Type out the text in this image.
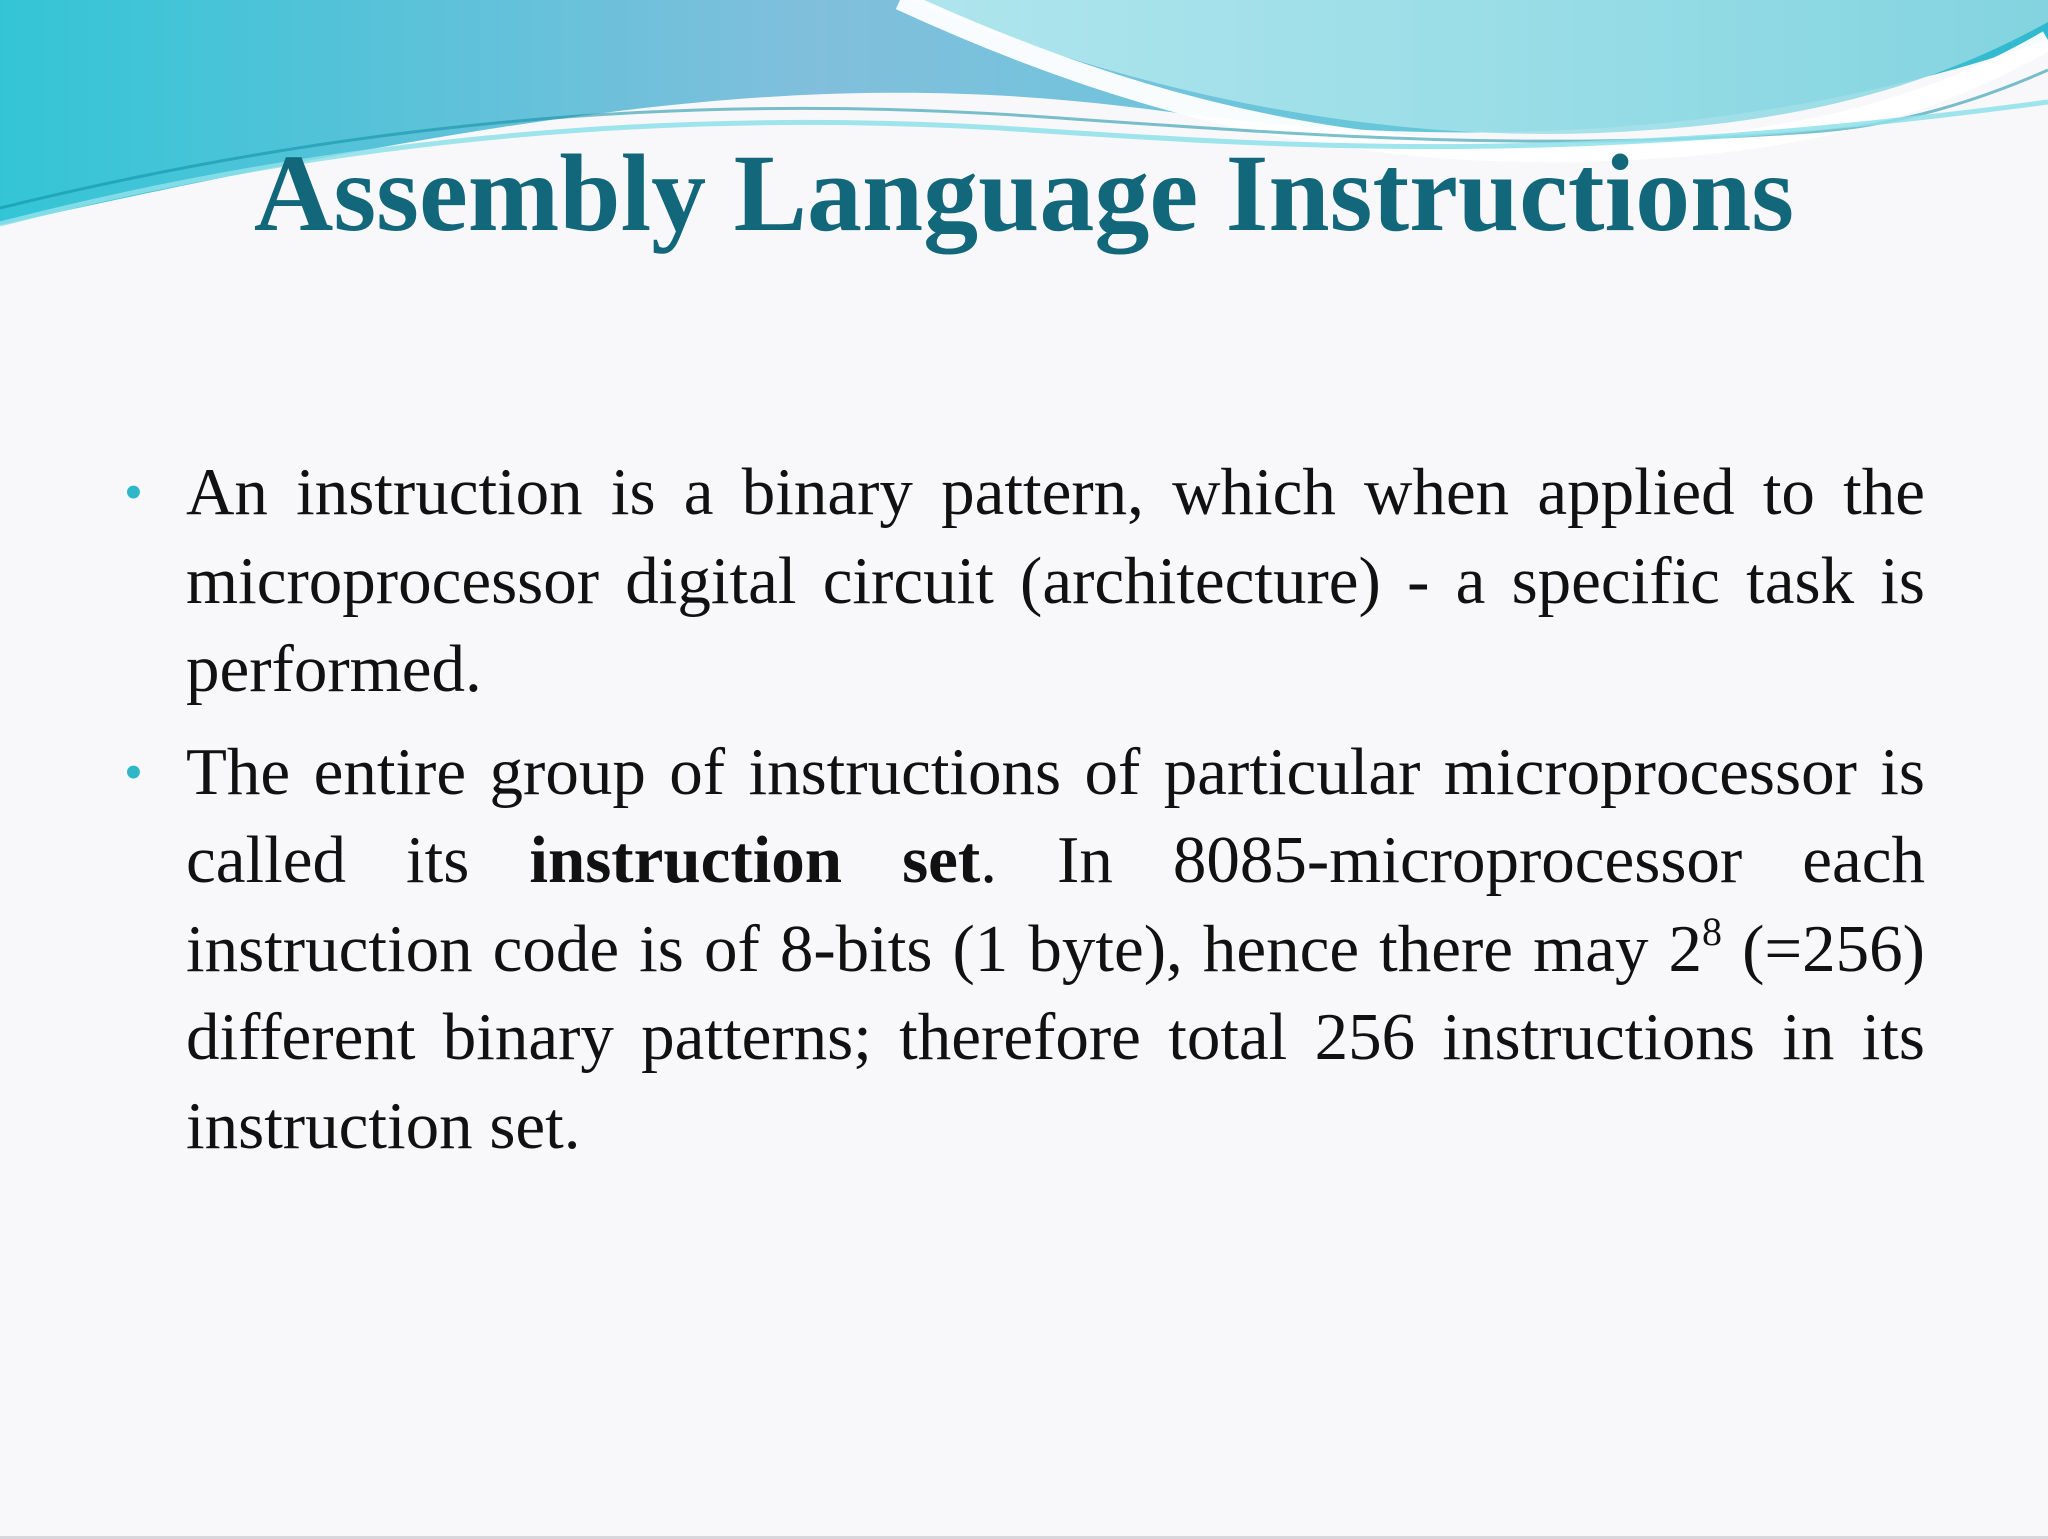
Assembly Language Instructions
• An instruction is a binary pattern, which when applied to the microprocessor digital circuit (architecture) - a specific task is performed.
• The entire group of instructions of particular microprocessor is called its instruction set. In 8085-microprocessor each instruction code is of 8-bits (1 byte), hence there may $2^8$ (=256) different binary patterns; therefore total 256 instructions in its instruction set.
